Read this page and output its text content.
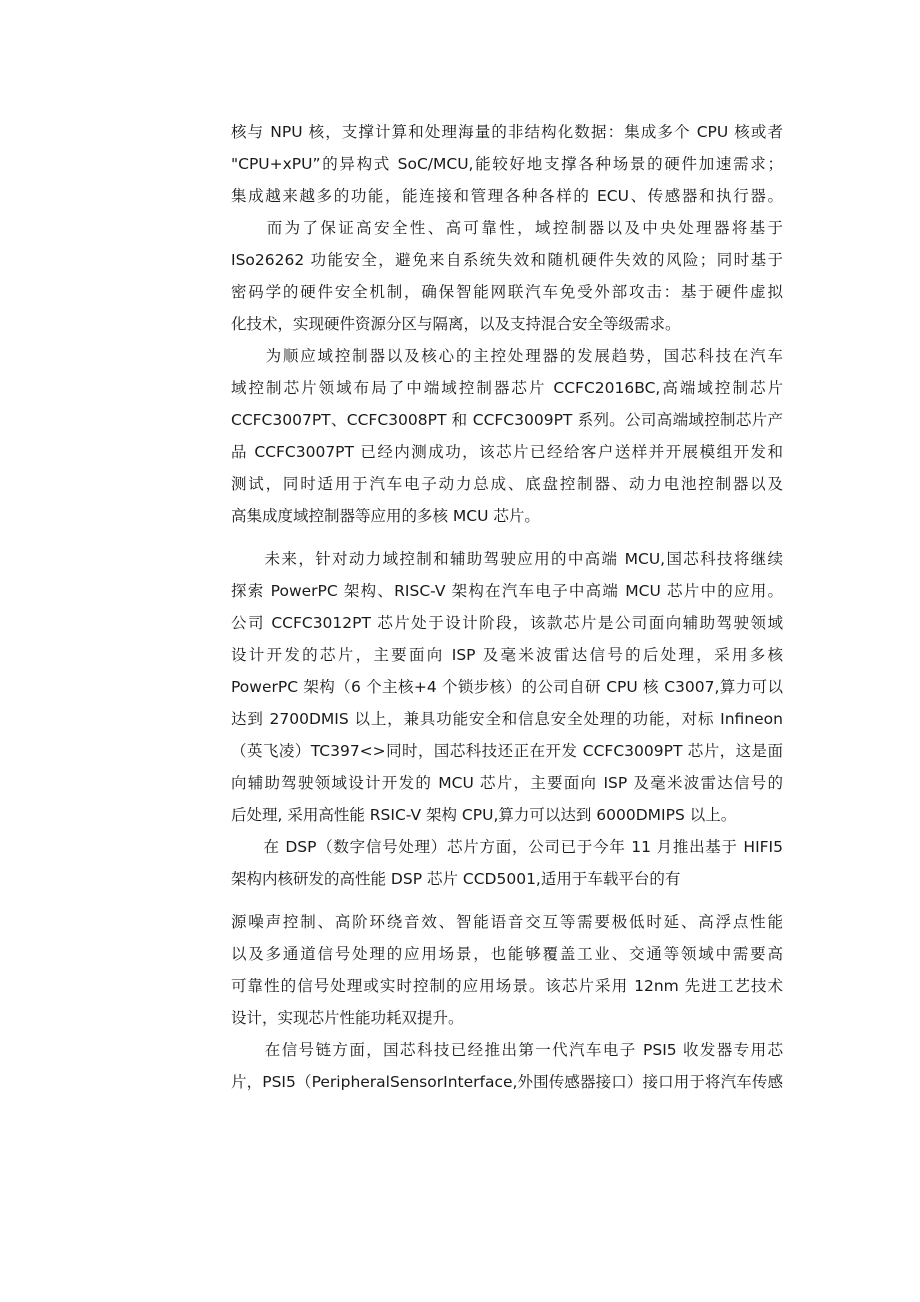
核与 NPU 核，支撑计算和处理海量的非结构化数据：集成多个 CPU 核或者
"CPU+xPU”的异构式 SoC/MCU,能较好地支撑各种场景的硬件加速需求；
集成越来越多的功能，能连接和管理各种各样的 ECU、传感器和执行器。
　　而为了保证高安全性、高可靠性，域控制器以及中央处理器将基于
ISo26262 功能安全，避免来自系统失效和随机硬件失效的风险；同时基于
密码学的硬件安全机制，确保智能网联汽车免受外部攻击：基于硬件虚拟
化技术，实现硬件资源分区与隔离，以及支持混合安全等级需求。
　　为顺应域控制器以及核心的主控处理器的发展趋势，国芯科技在汽车
域控制芯片领域布局了中端域控制器芯片 CCFC2016BC,高端域控制芯片
CCFC3007PT、CCFC3008PT 和 CCFC3009PT 系列。公司高端域控制芯片产
品 CCFC3007PT 已经内测成功，该芯片已经给客户送样并开展模组开发和
测试，同时适用于汽车电子动力总成、底盘控制器、动力电池控制器以及
高集成度域控制器等应用的多核 MCU 芯片。
　　未来，针对动力域控制和辅助驾驶应用的中高端 MCU,国芯科技将继续
探索 PowerPC 架构、RISC-V 架构在汽车电子中高端 MCU 芯片中的应用。
公司 CCFC3012PT 芯片处于设计阶段，该款芯片是公司面向辅助驾驶领域
设计开发的芯片，主要面向 ISP 及毫米波雷达信号的后处理，采用多核
PowerPC 架构（6 个主核+4 个锁步核）的公司自研 CPU 核 C3007,算力可以
达到 2700DMIS 以上，兼具功能安全和信息安全处理的功能，对标 Infineon
（英飞凌）TC397<>同时，国芯科技还正在开发 CCFC3009PT 芯片，这是面
向辅助驾驶领域设计开发的 MCU 芯片，主要面向 ISP 及毫米波雷达信号的
后处理, 采用高性能 RSIC-V 架构 CPU,算力可以达到 6000DMIPS 以上。
　　在 DSP（数字信号处理）芯片方面，公司已于今年 11 月推出基于 HIFI5
架构内核研发的高性能 DSP 芯片 CCD5001,适用于车载平台的有
源噪声控制、高阶环绕音效、智能语音交互等需要极低时延、高浮点性能
以及多通道信号处理的应用场景，也能够覆盖工业、交通等领域中需要高
可靠性的信号处理或实时控制的应用场景。该芯片采用 12nm 先进工艺技术
设计，实现芯片性能功耗双提升。
　　在信号链方面，国芯科技已经推出第一代汽车电子 PSI5 收发器专用芯
片，PSI5（PeripheralSensorInterface,外围传感器接口）接口用于将汽车传感
